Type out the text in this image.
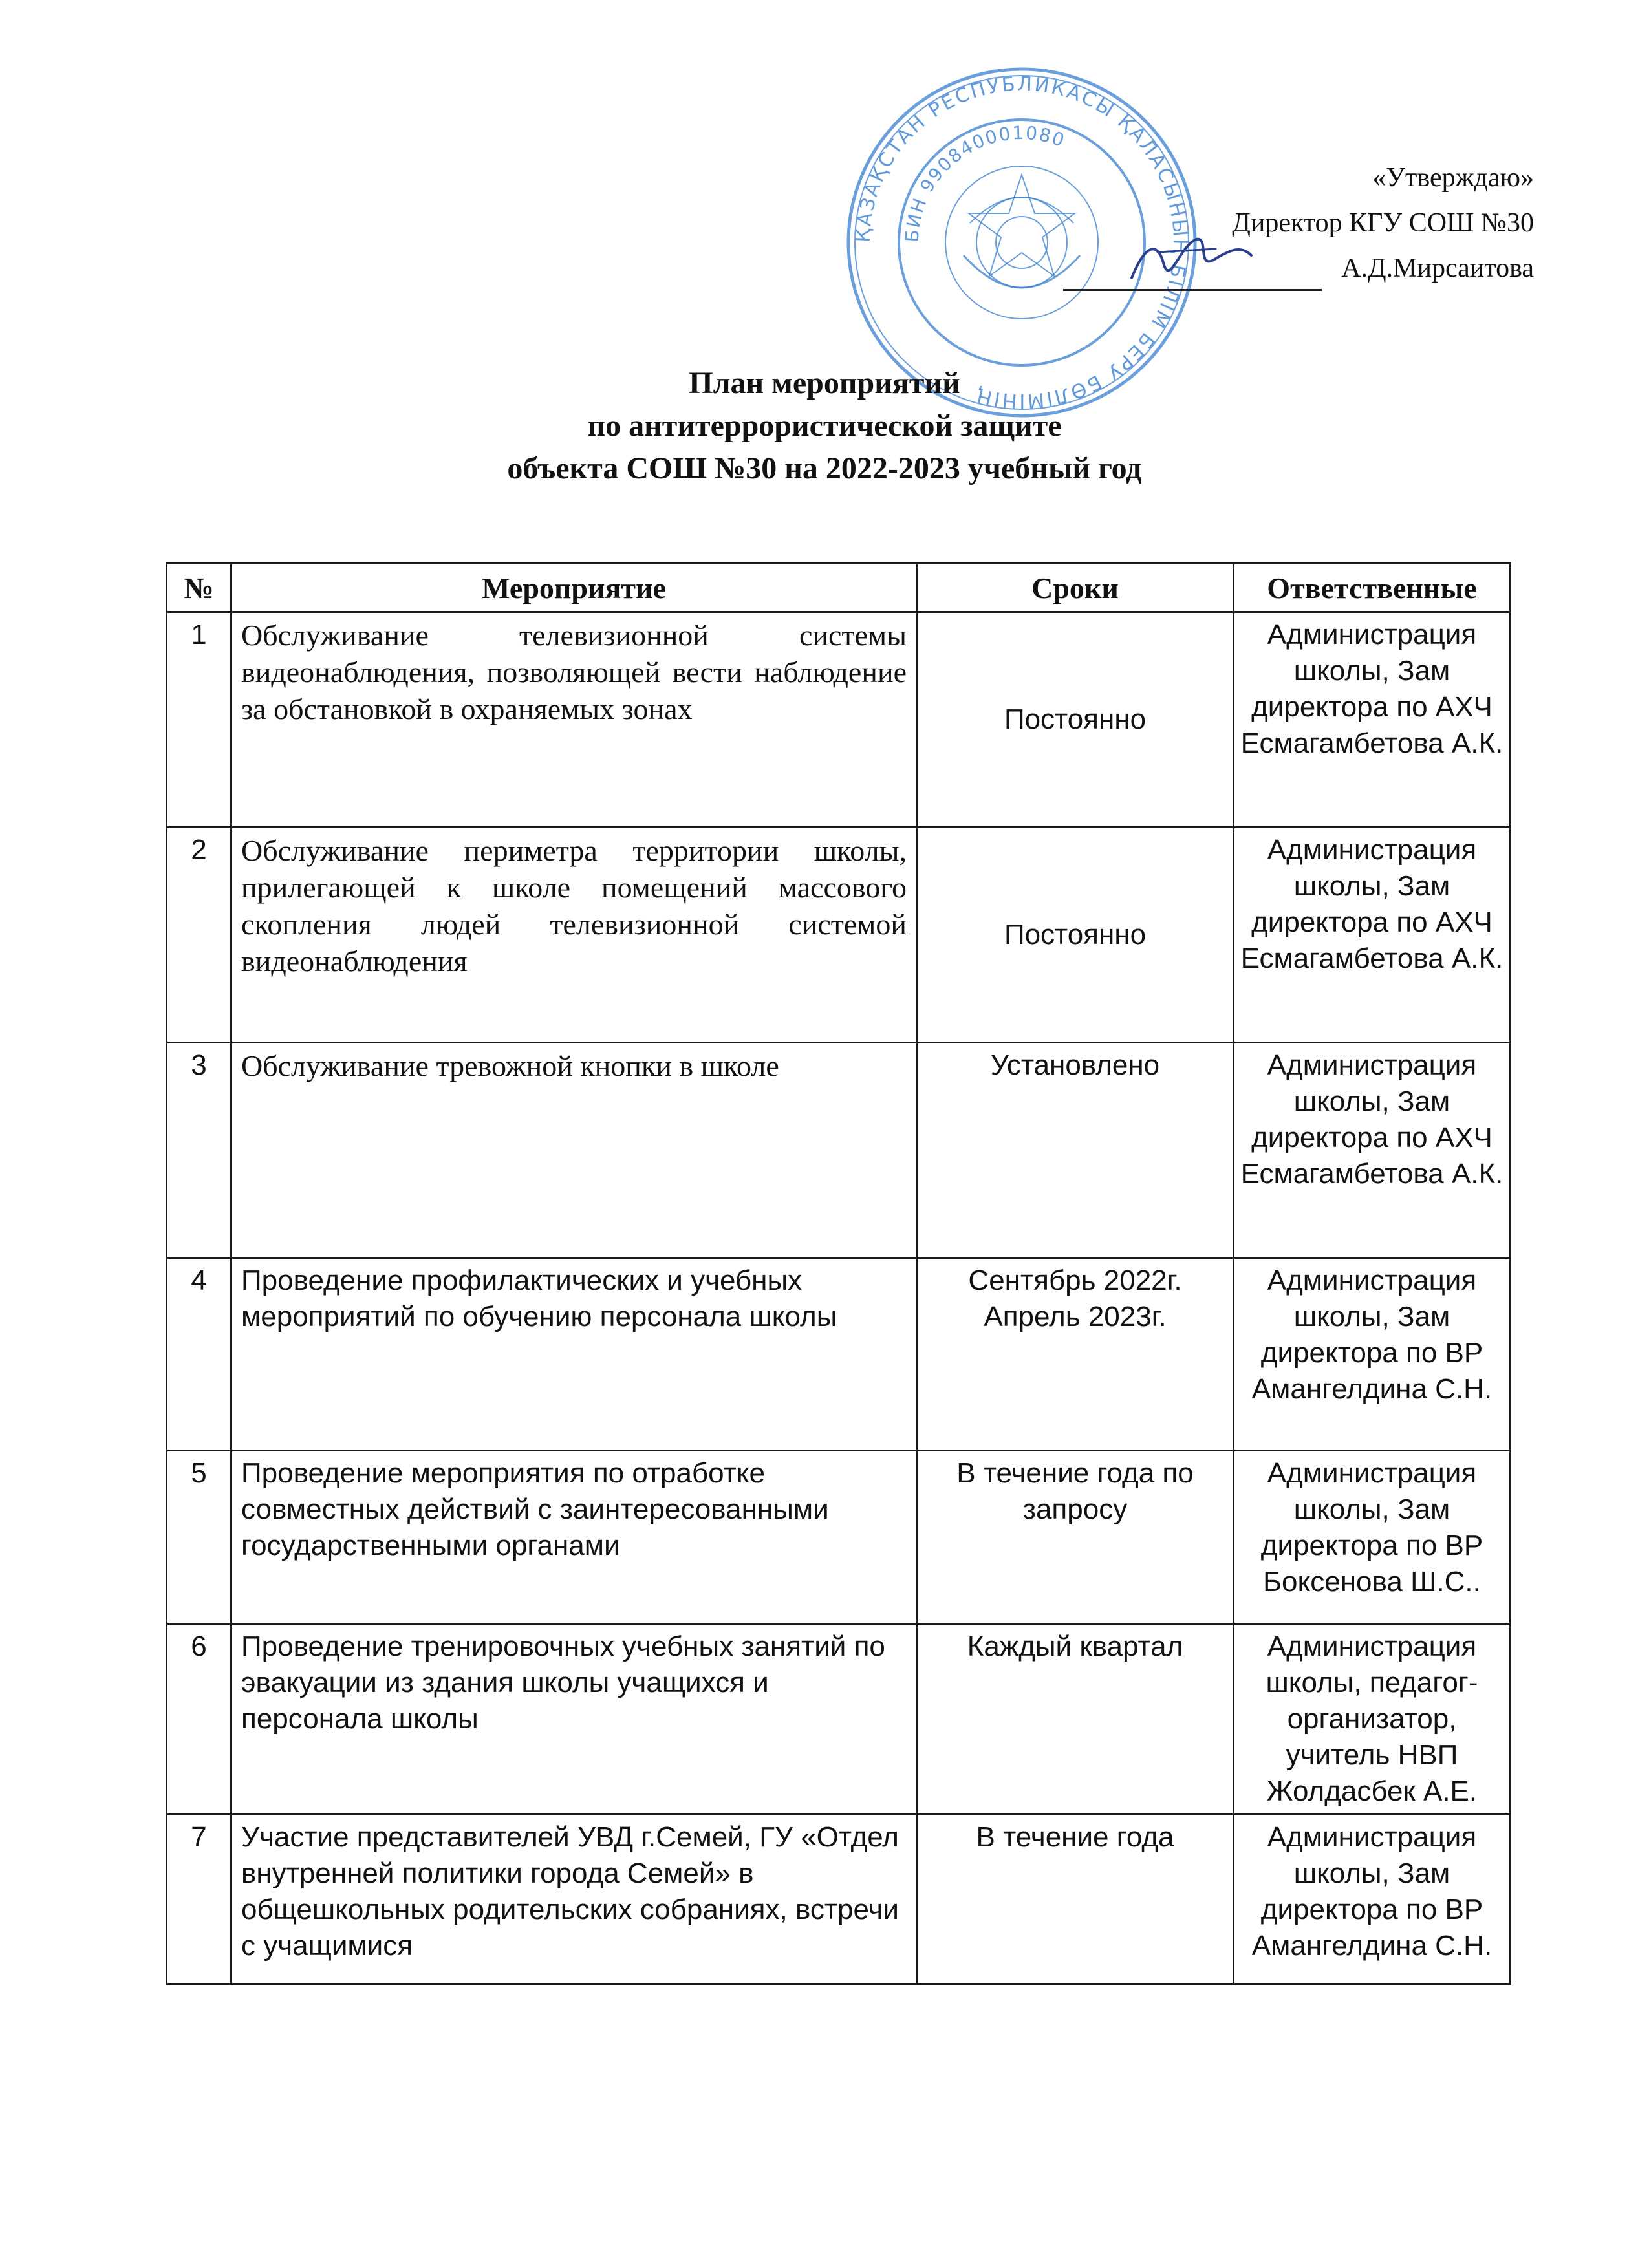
ҚАЗАҚСТАН РЕСПУБЛИКАСЫ ҚАЛАСЫНЫҢ БІЛІМ БЕРУ БӨЛІМІНІҢ
БИН 990840001080
«Утверждаю»
Директор КГУ СОШ №30
А.Д.Мирсаитова
План мероприятий
по антитеррористической защите
объекта СОШ №30 на 2022-2023 учебный год
№	Мероприятие	Сроки	Ответственные
1	Обслуживание телевизионной системы видеонаблюдения, позволяющей вести наблюдение за обстановкой в охраняемых зонах	Постоянно	Администрация школы, Зам директора по АХЧ Есмагамбетова А.К.
2	Обслуживание периметра территории школы, прилегающей к школе помещений массового скопления людей телевизионной системой видеонаблюдения	Постоянно	Администрация школы, Зам директора по АХЧ Есмагамбетова А.К.
3	Обслуживание тревожной кнопки в школе	Установлено	Администрация школы, Зам директора по АХЧ Есмагамбетова А.К.
4	Проведение профилактических и учебных мероприятий по обучению персонала школы	Сентябрь 2022г. Апрель 2023г.	Администрация школы, Зам директора по ВР Амангелдина С.Н.
5	Проведение мероприятия по отработке совместных действий с заинтересованными государственными органами	В течение года по запросу	Администрация школы, Зам директора по ВР Боксенова Ш.С..
6	Проведение тренировочных учебных занятий по эвакуации из здания школы учащихся и персонала школы	Каждый квартал	Администрация школы, педагог-организатор, учитель НВП Жолдасбек А.Е.
7	Участие представителей УВД г.Семей, ГУ «Отдел внутренней политики города Семей» в общешкольных родительских собраниях, встречи с учащимися	В течение года	Администрация школы, Зам директора по ВР Амангелдина С.Н.
